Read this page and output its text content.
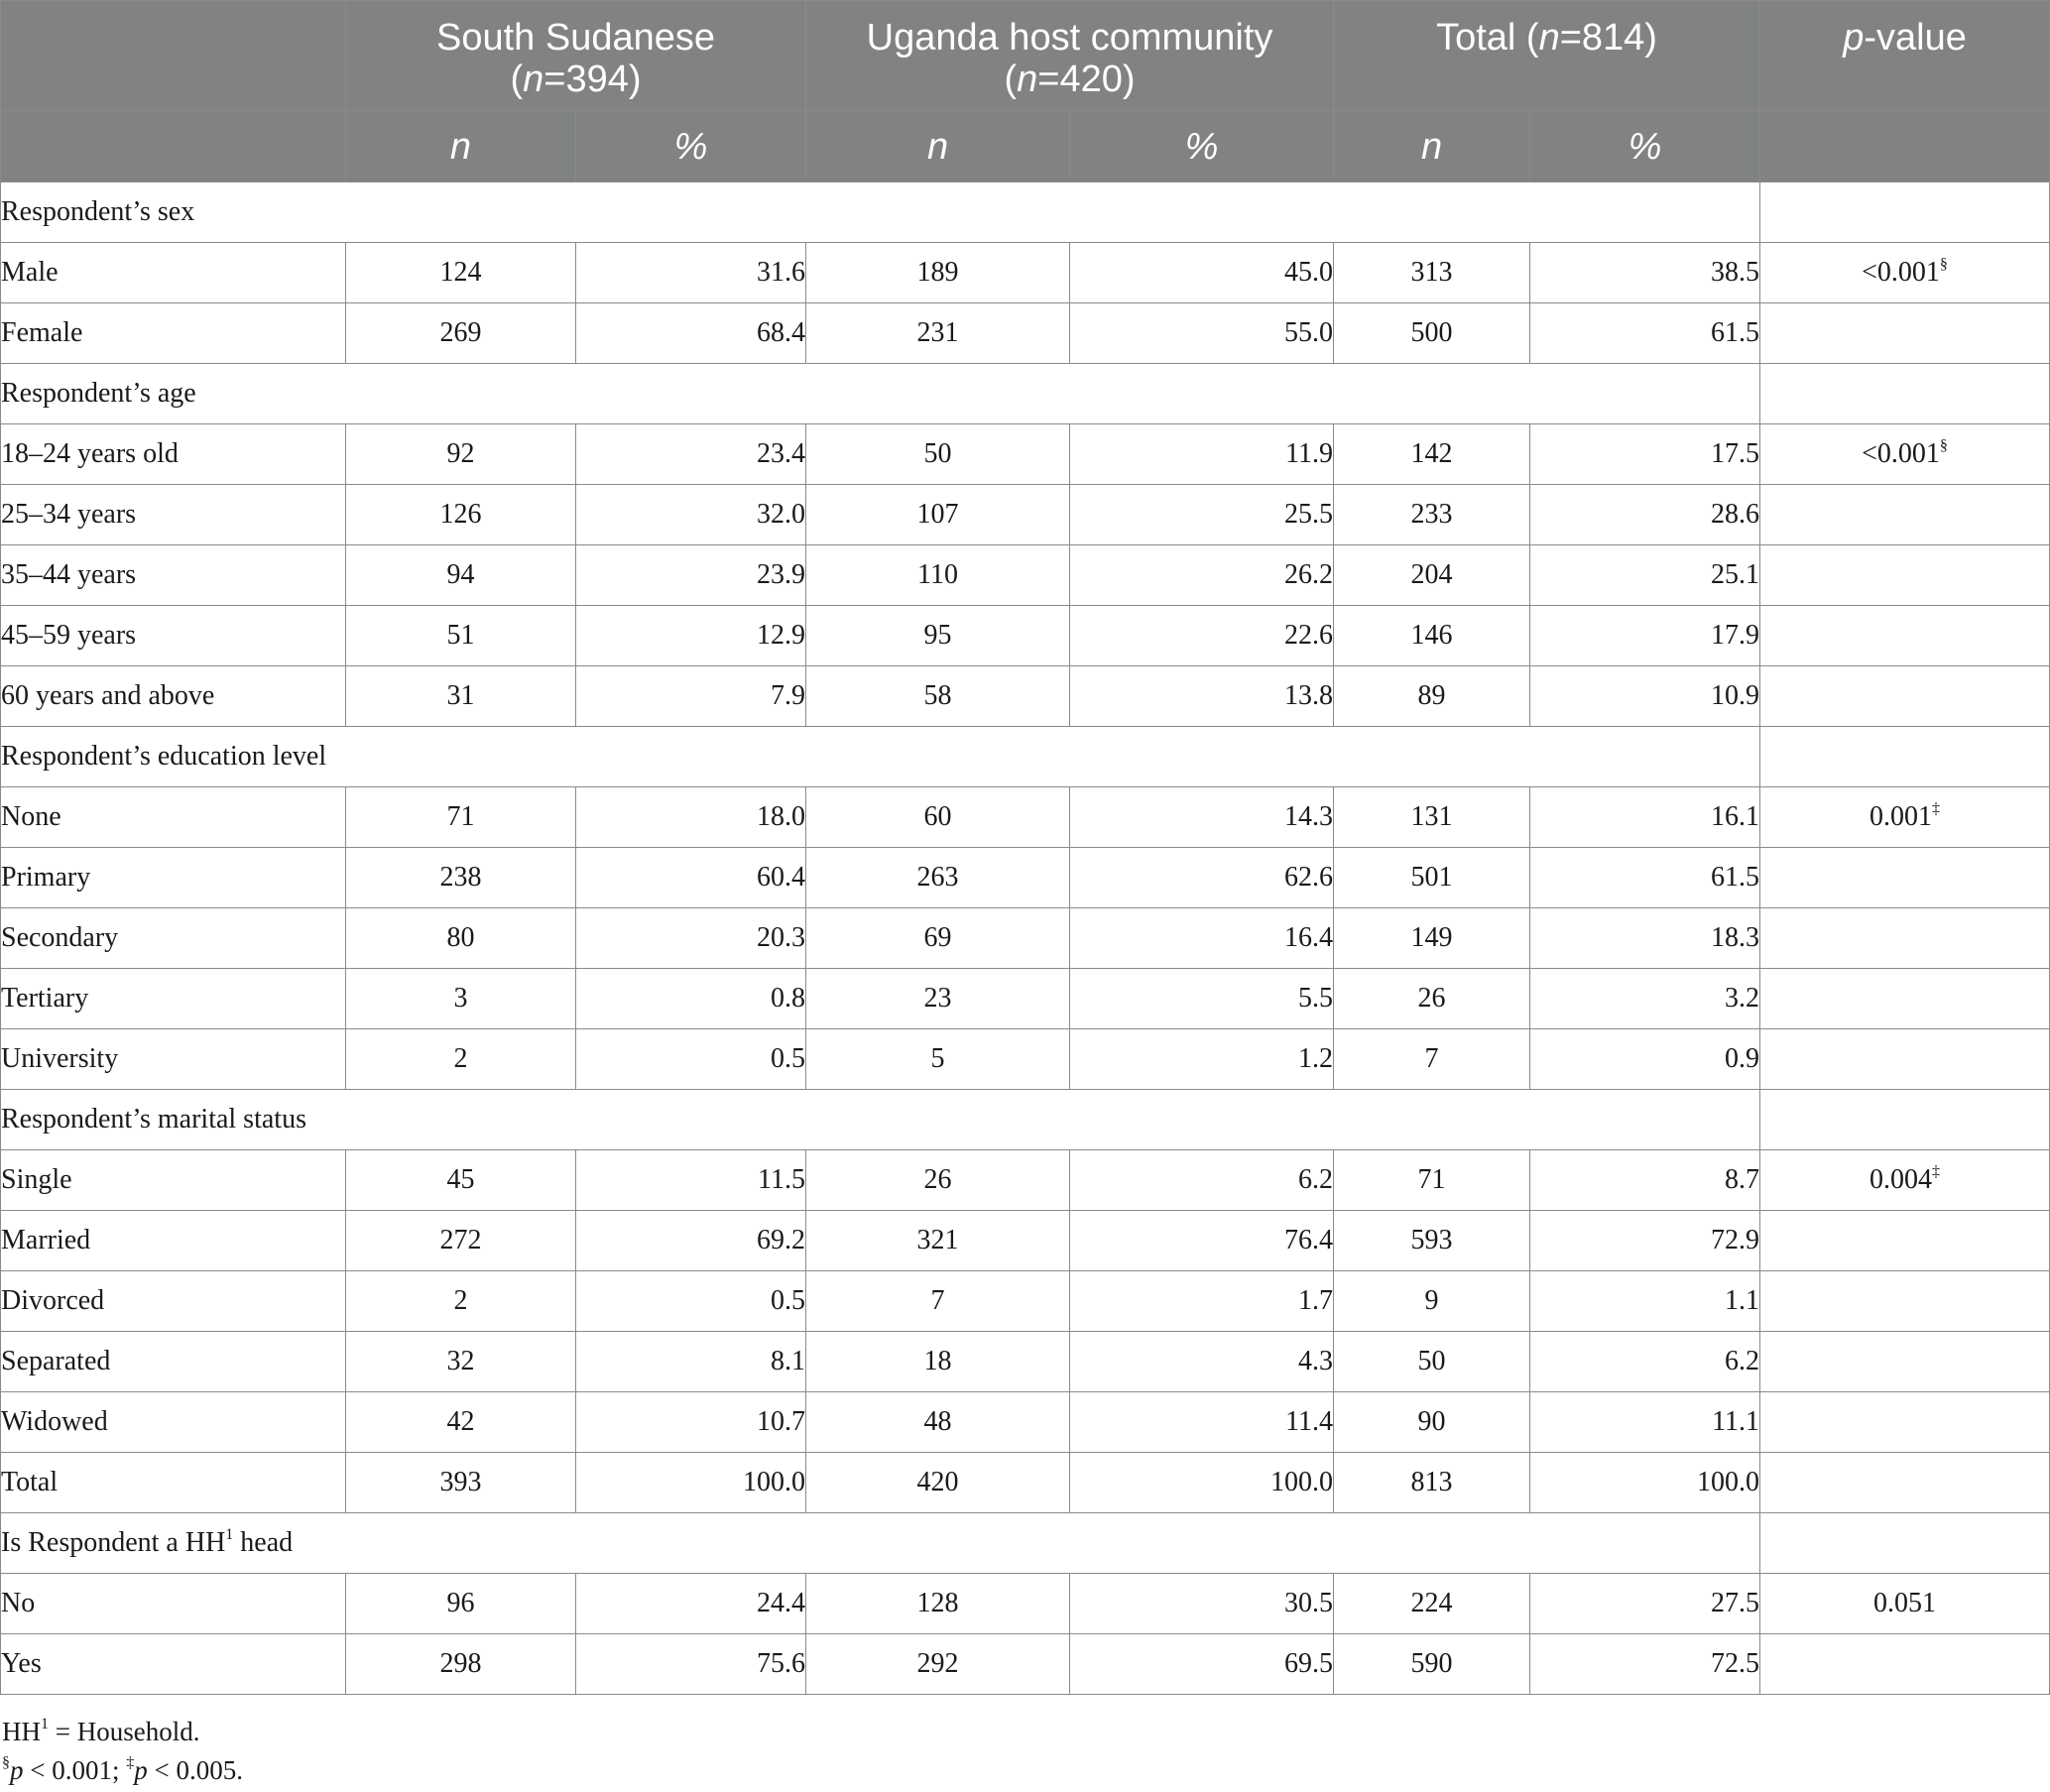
	South Sudanese
(n=394)		Uganda host community
(n=420)		Total (n=814)		p-value
	n	%	n	%	n	%	
Respondent’s sex							
Male	124	31.6	189	45.0	313	38.5	<0.001§
Female	269	68.4	231	55.0	500	61.5	
Respondent’s age							
18–24 years old	92	23.4	50	11.9	142	17.5	<0.001§
25–34 years	126	32.0	107	25.5	233	28.6	
35–44 years	94	23.9	110	26.2	204	25.1	
45–59 years	51	12.9	95	22.6	146	17.9	
60 years and above	31	7.9	58	13.8	89	10.9	
Respondent’s education level							
None	71	18.0	60	14.3	131	16.1	0.001‡
Primary	238	60.4	263	62.6	501	61.5	
Secondary	80	20.3	69	16.4	149	18.3	
Tertiary	3	0.8	23	5.5	26	3.2	
University	2	0.5	5	1.2	7	0.9	
Respondent’s marital status							
Single	45	11.5	26	6.2	71	8.7	0.004‡
Married	272	69.2	321	76.4	593	72.9	
Divorced	2	0.5	7	1.7	9	1.1	
Separated	32	8.1	18	4.3	50	6.2	
Widowed	42	10.7	48	11.4	90	11.1	
Total	393	100.0	420	100.0	813	100.0	
Is Respondent a $HH^1$ head							
No	96	24.4	128	30.5	224	27.5	0.051
Yes	298	75.6	292	69.5	590	72.5	
$HH^1$ = Household.
§p < 0.001; ‡p < 0.005.
